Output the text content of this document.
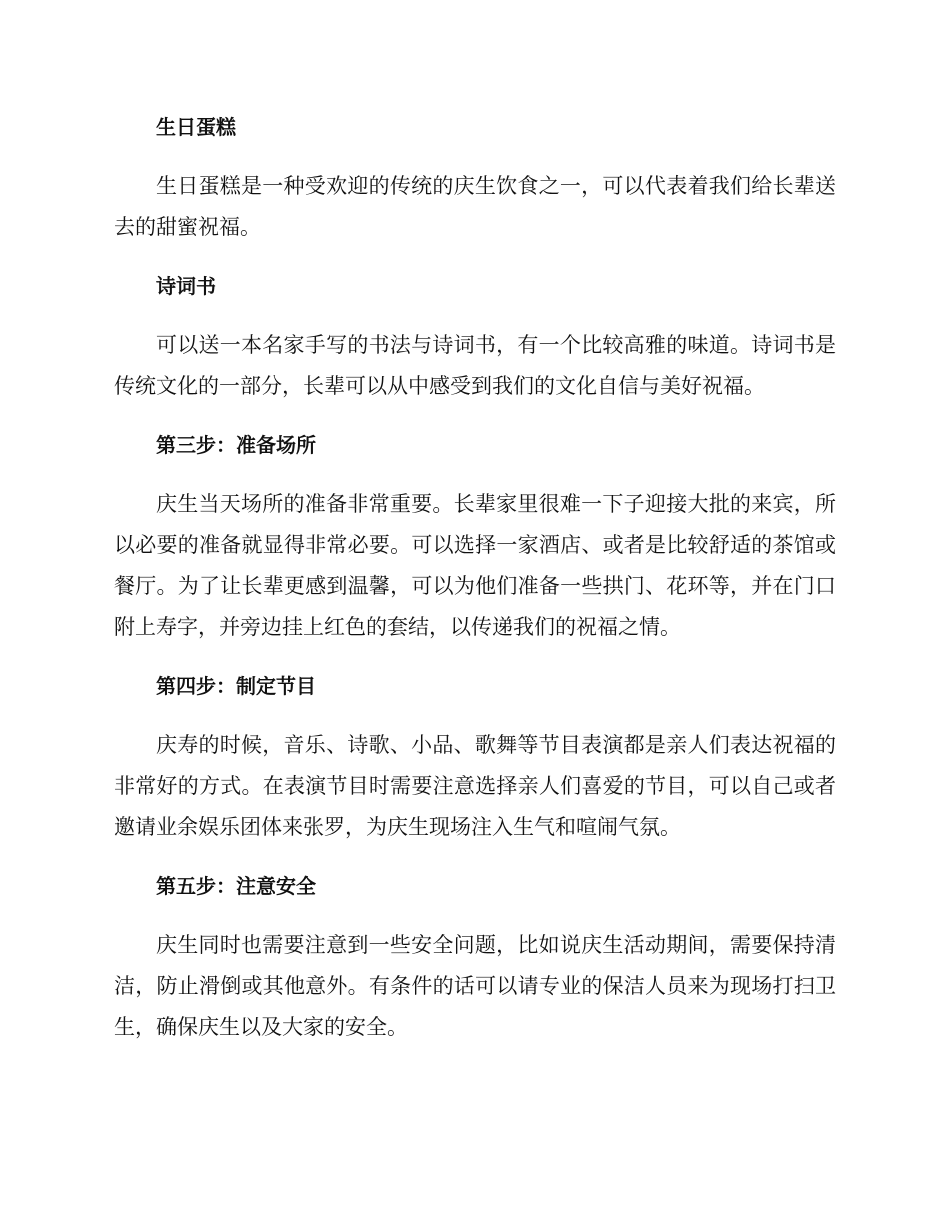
生日蛋糕

生日蛋糕是一种受欢迎的传统的庆生饮食之一，可以代表着我们给长辈送去的甜蜜祝福。

诗词书

可以送一本名家手写的书法与诗词书，有一个比较高雅的味道。诗词书是传统文化的一部分，长辈可以从中感受到我们的文化自信与美好祝福。

第三步：准备场所

庆生当天场所的准备非常重要。长辈家里很难一下子迎接大批的来宾，所以必要的准备就显得非常必要。可以选择一家酒店、或者是比较舒适的茶馆或餐厅。为了让长辈更感到温馨，可以为他们准备一些拱门、花环等，并在门口附上寿字，并旁边挂上红色的套结，以传递我们的祝福之情。

第四步：制定节目

庆寿的时候，音乐、诗歌、小品、歌舞等节目表演都是亲人们表达祝福的非常好的方式。在表演节目时需要注意选择亲人们喜爱的节目，可以自己或者邀请业余娱乐团体来张罗，为庆生现场注入生气和喧闹气氛。

第五步：注意安全

庆生同时也需要注意到一些安全问题，比如说庆生活动期间，需要保持清洁，防止滑倒或其他意外。有条件的话可以请专业的保洁人员来为现场打扫卫生，确保庆生以及大家的安全。
